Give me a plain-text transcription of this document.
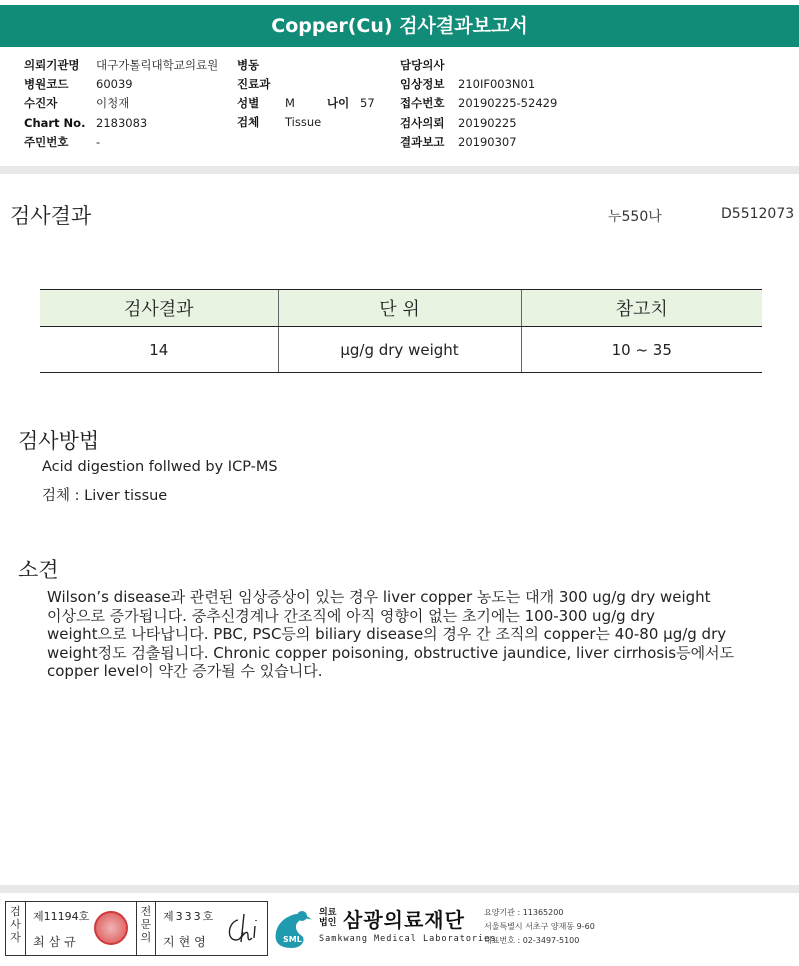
Copper(Cu) 검사결과보고서
의뢰기관명 대구가톨릭대학교의료원
병원코드 60039
수진자	이청재
Chart No. 2183083
주민번호 -
병동
진료과
성별 M	나이 57
검체 Tissue
담당의사
임상정보 210IF003N01
접수번호 20190225-52429
검사의뢰 20190225
결과보고 20190307
검사결과	누550나	D5512073
검사결과	단 위	참고치
14	μg/g dry weight	10 ~ 35
검사방법
Acid digestion follwed by ICP-MS
검체 : Liver tissue
소견
Wilson’s disease과 관련된 임상증상이 있는 경우 liver copper 농도는 대개 300 ug/g dry weight
이상으로 증가됩니다. 중추신경계나 간조직에 아직 영향이 없는 초기에는 100-300 ug/g dry
weight으로 나타납니다. PBC, PSC등의 biliary disease의 경우 간 조직의 copper는 40-80 μg/g dry
weight정도 검출됩니다. Chronic copper poisoning, obstructive jaundice, liver cirrhosis등에서도
copper level이 약간 증가될 수 있습니다.
검사자
제11194호
최삼규
전문의
제333호
지현영	SML
의료
법인 삼광의료재단
Samkwang Medical Laboratories
요양기관 : 11365200
서울특별시 서초구 양재동 9-60
대표번호 : 02-3497-5100
